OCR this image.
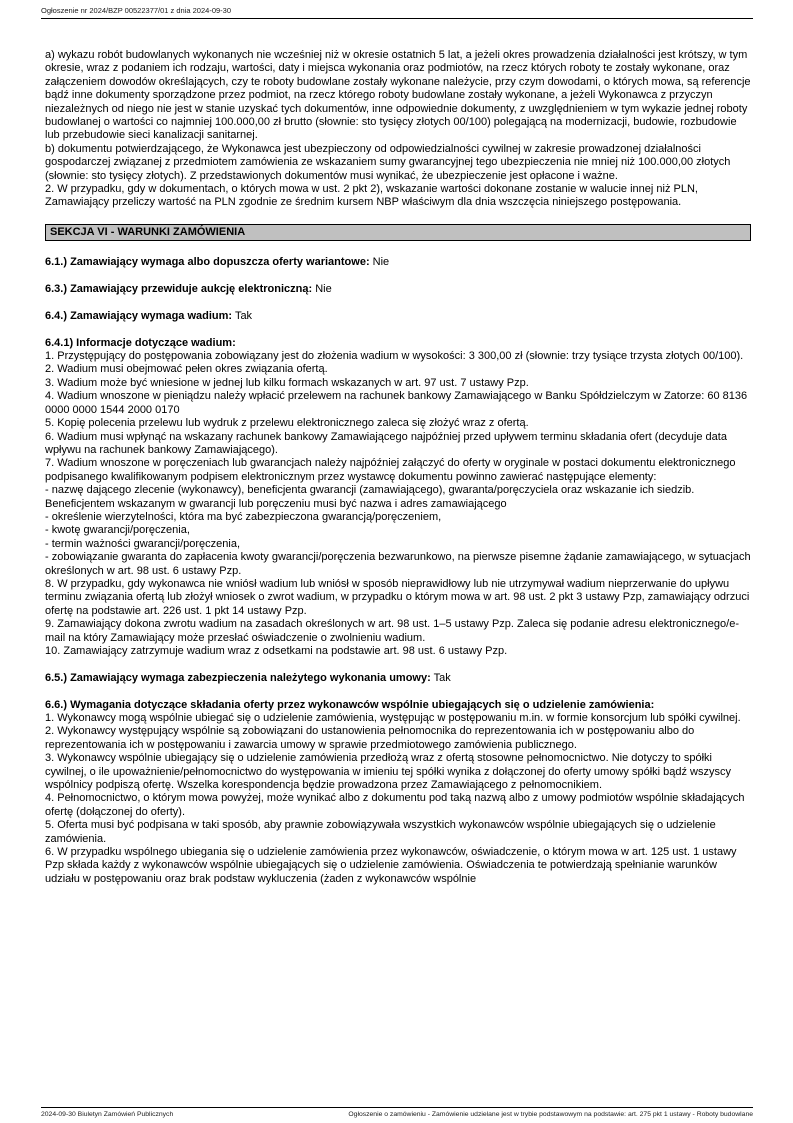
Ogłoszenie nr 2024/BZP 00522377/01 z dnia 2024-09-30

a) wykazu robót budowlanych wykonanych nie wcześniej niż w okresie ostatnich 5 lat, a jeżeli okres prowadzenia działalności jest krótszy, w tym okresie, wraz z podaniem ich rodzaju, wartości, daty i miejsca wykonania oraz podmiotów, na rzecz których roboty te zostały wykonane, oraz załączeniem dowodów określających, czy te roboty budowlane zostały wykonane należycie, przy czym dowodami, o których mowa, są referencje bądź inne dokumenty sporządzone przez podmiot, na rzecz którego roboty budowlane zostały wykonane, a jeżeli Wykonawca z przyczyn niezależnych od niego nie jest w stanie uzyskać tych dokumentów, inne odpowiednie dokumenty, z uwzględnieniem w tym wykazie jednej roboty budowlanej o wartości co najmniej 100.000,00 zł brutto (słownie: sto tysięcy złotych 00/100) polegającą na modernizacji, budowie, rozbudowie lub przebudowie sieci kanalizacji sanitarnej.

b) dokumentu potwierdzającego, że Wykonawca jest ubezpieczony od odpowiedzialności cywilnej w zakresie prowadzonej działalności gospodarczej związanej z przedmiotem zamówienia ze wskazaniem sumy gwarancyjnej tego ubezpieczenia nie mniej niż 100.000,00 złotych (słownie: sto tysięcy złotych). Z przedstawionych dokumentów musi wynikać, że ubezpieczenie jest opłacone i ważne.

2. W przypadku, gdy w dokumentach, o których mowa w ust. 2 pkt 2), wskazanie wartości dokonane zostanie w walucie innej niż PLN, Zamawiający przeliczy wartość na PLN zgodnie ze średnim kursem NBP właściwym dla dnia wszczęcia niniejszego postępowania.

SEKCJA VI - WARUNKI ZAMÓWIENIA

6.1.) Zamawiający wymaga albo dopuszcza oferty wariantowe: Nie

6.3.) Zamawiający przewiduje aukcję elektroniczną: Nie

6.4.) Zamawiający wymaga wadium: Tak

6.4.1) Informacje dotyczące wadium:

1. Przystępujący do postępowania zobowiązany jest do złożenia wadium w wysokości: 3 300,00 zł (słownie: trzy tysiące trzysta złotych 00/100).

2. Wadium musi obejmować pełen okres związania ofertą.

3. Wadium może być wniesione w jednej lub kilku formach wskazanych w art. 97 ust. 7 ustawy Pzp.

4. Wadium wnoszone w pieniądzu należy wpłacić przelewem na rachunek bankowy Zamawiającego w Banku Spółdzielczym w Zatorze: 60 8136 0000 0000 1544 2000 0170

5. Kopię polecenia przelewu lub wydruk z przelewu elektronicznego zaleca się złożyć wraz z ofertą.

6. Wadium musi wpłynąć na wskazany rachunek bankowy Zamawiającego najpóźniej przed upływem terminu składania ofert (decyduje data wpływu na rachunek bankowy Zamawiającego).

7. Wadium wnoszone w poręczeniach lub gwarancjach należy najpóźniej załączyć do oferty w oryginale w postaci dokumentu elektronicznego podpisanego kwalifikowanym podpisem elektronicznym przez wystawcę dokumentu powinno zawierać następujące elementy:

- nazwę dającego zlecenie (wykonawcy), beneficjenta gwarancji (zamawiającego), gwaranta/poręczyciela oraz wskazanie ich siedzib. Beneficjentem wskazanym w gwarancji lub poręczeniu musi być nazwa i adres zamawiającego

- określenie wierzytelności, która ma być zabezpieczona gwarancją/poręczeniem,

- kwotę gwarancji/poręczenia,

- termin ważności gwarancji/poręczenia,

- zobowiązanie gwaranta do zapłacenia kwoty gwarancji/poręczenia bezwarunkowo, na pierwsze pisemne żądanie zamawiającego, w sytuacjach określonych w art. 98 ust. 6 ustawy Pzp.

8. W przypadku, gdy wykonawca nie wniósł wadium lub wniósł w sposób nieprawidłowy lub nie utrzymywał wadium nieprzerwanie do upływu terminu związania ofertą lub złożył wniosek o zwrot wadium, w przypadku o którym mowa w art. 98 ust. 2 pkt 3 ustawy Pzp, zamawiający odrzuci ofertę na podstawie art. 226 ust. 1 pkt 14 ustawy Pzp.

9. Zamawiający dokona zwrotu wadium na zasadach określonych w art. 98 ust. 1–5 ustawy Pzp. Zaleca się podanie adresu elektronicznego/e-mail na który Zamawiający może przesłać oświadczenie o zwolnieniu wadium.

10. Zamawiający zatrzymuje wadium wraz z odsetkami na podstawie art. 98 ust. 6 ustawy Pzp.

6.5.) Zamawiający wymaga zabezpieczenia należytego wykonania umowy: Tak

6.6.) Wymagania dotyczące składania oferty przez wykonawców wspólnie ubiegających się o udzielenie zamówienia:

1. Wykonawcy mogą wspólnie ubiegać się o udzielenie zamówienia, występując w postępowaniu m.in. w formie konsorcjum lub spółki cywilnej.

2. Wykonawcy występujący wspólnie są zobowiązani do ustanowienia pełnomocnika do reprezentowania ich w postępowaniu albo do reprezentowania ich w postępowaniu i zawarcia umowy w sprawie przedmiotowego zamówienia publicznego.

3. Wykonawcy wspólnie ubiegający się o udzielenie zamówienia przedłożą wraz z ofertą stosowne pełnomocnictwo. Nie dotyczy to spółki cywilnej, o ile upoważnienie/pełnomocnictwo do występowania w imieniu tej spółki wynika z dołączonej do oferty umowy spółki bądź wszyscy wspólnicy podpiszą ofertę. Wszelka korespondencja będzie prowadzona przez Zamawiającego z pełnomocnikiem.

4. Pełnomocnictwo, o którym mowa powyżej, może wynikać albo z dokumentu pod taką nazwą albo z umowy podmiotów wspólnie składających ofertę (dołączonej do oferty).

5. Oferta musi być podpisana w taki sposób, aby prawnie zobowiązywała wszystkich wykonawców wspólnie ubiegających się o udzielenie zamówienia.

6. W przypadku wspólnego ubiegania się o udzielenie zamówienia przez wykonawców, oświadczenie, o którym mowa w art. 125 ust. 1 ustawy Pzp składa każdy z wykonawców wspólnie ubiegających się o udzielenie zamówienia. Oświadczenia te potwierdzają spełnianie warunków udziału w postępowaniu oraz brak podstaw wykluczenia (żaden z wykonawców wspólnie

2024-09-30 Biuletyn Zamówień Publicznych	Ogłoszenie o zamówieniu - Zamówienie udzielane jest w trybie podstawowym na podstawie: art. 275 pkt 1 ustawy - Roboty budowlane
